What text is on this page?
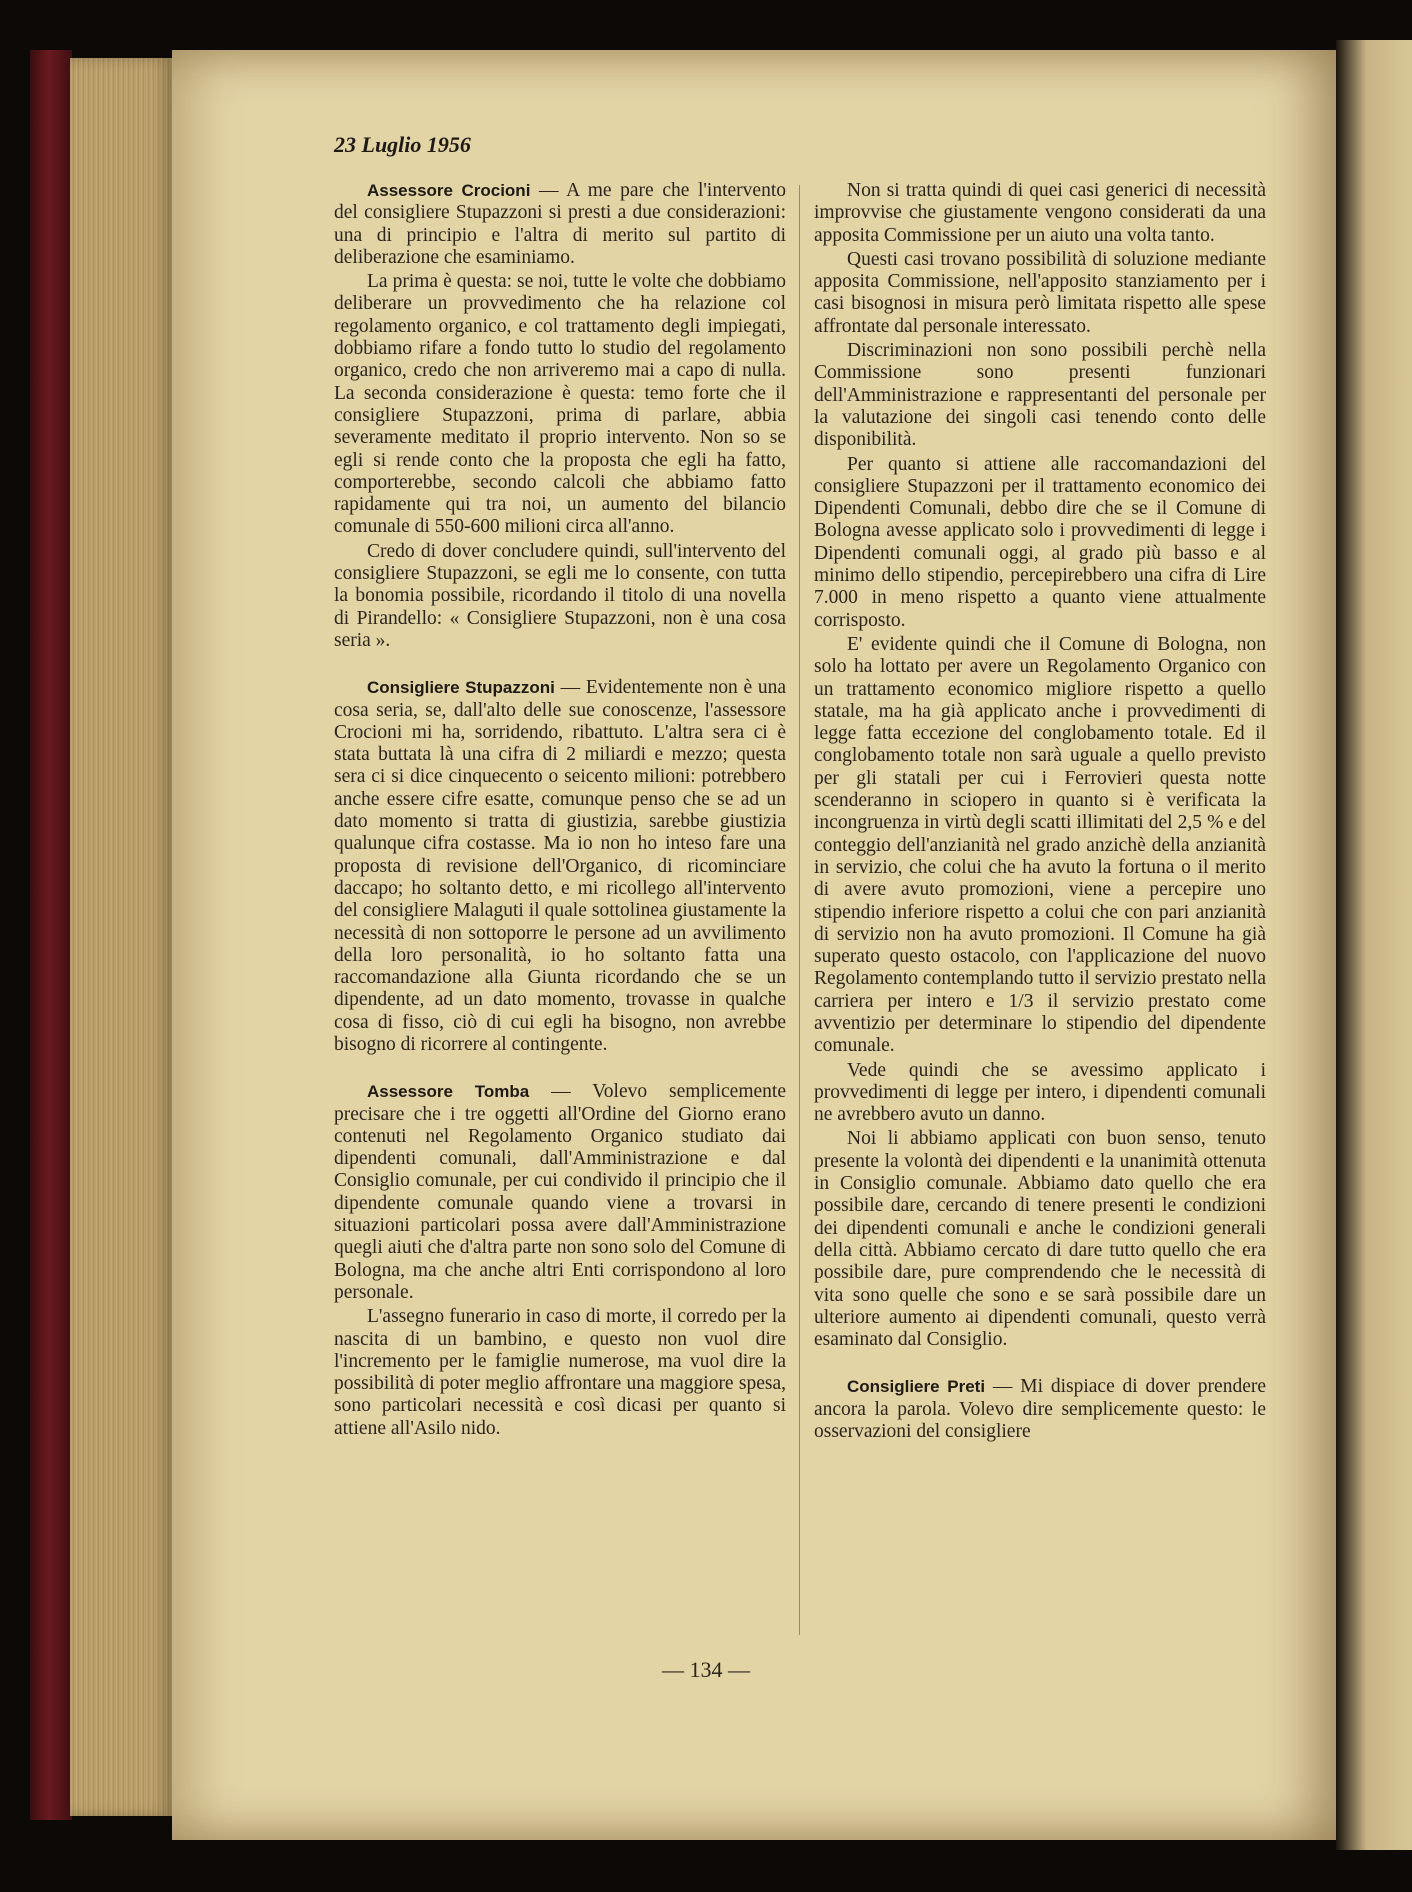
23 Luglio 1956

Assessore Crocioni — A me pare che l'intervento del consigliere Stupazzoni si presti a due considerazioni: una di principio e l'altra di merito sul partito di deliberazione che esaminiamo.

La prima è questa: se noi, tutte le volte che dobbiamo deliberare un provvedimento che ha relazione col regolamento organico, e col trattamento degli impiegati, dobbiamo rifare a fondo tutto lo studio del regolamento organico, credo che non arriveremo mai a capo di nulla. La seconda considerazione è questa: temo forte che il consigliere Stupazzoni, prima di parlare, abbia severamente meditato il proprio intervento. Non so se egli si rende conto che la proposta che egli ha fatto, comporterebbe, secondo calcoli che abbiamo fatto rapidamente qui tra noi, un aumento del bilancio comunale di 550-600 milioni circa all'anno.

Credo di dover concludere quindi, sull'intervento del consigliere Stupazzoni, se egli me lo consente, con tutta la bonomia possibile, ricordando il titolo di una novella di Pirandello: « Consigliere Stupazzoni, non è una cosa seria ».

Consigliere Stupazzoni — Evidentemente non è una cosa seria, se, dall'alto delle sue conoscenze, l'assessore Crocioni mi ha, sorridendo, ribattuto. L'altra sera ci è stata buttata là una cifra di 2 miliardi e mezzo; questa sera ci si dice cinquecento o seicento milioni: potrebbero anche essere cifre esatte, comunque penso che se ad un dato momento si tratta di giustizia, sarebbe giustizia qualunque cifra costasse. Ma io non ho inteso fare una proposta di revisione dell'Organico, di ricominciare daccapo; ho soltanto detto, e mi ricollego all'intervento del consigliere Malaguti il quale sottolinea giustamente la necessità di non sottoporre le persone ad un avvilimento della loro personalità, io ho soltanto fatta una raccomandazione alla Giunta ricordando che se un dipendente, ad un dato momento, trovasse in qualche cosa di fisso, ciò di cui egli ha bisogno, non avrebbe bisogno di ricorrere al contingente.

Assessore Tomba — Volevo semplicemente precisare che i tre oggetti all'Ordine del Giorno erano contenuti nel Regolamento Organico studiato dai dipendenti comunali, dall'Amministrazione e dal Consiglio comunale, per cui condivido il principio che il dipendente comunale quando viene a trovarsi in situazioni particolari possa avere dall'Amministrazione quegli aiuti che d'altra parte non sono solo del Comune di Bologna, ma che anche altri Enti corrispondono al loro personale.

L'assegno funerario in caso di morte, il corredo per la nascita di un bambino, e questo non vuol dire l'incremento per le famiglie numerose, ma vuol dire la possibilità di poter meglio affrontare una maggiore spesa, sono particolari necessità e così dicasi per quanto si attiene all'Asilo nido.

Non si tratta quindi di quei casi generici di necessità improvvise che giustamente vengono considerati da una apposita Commissione per un aiuto una volta tanto.

Questi casi trovano possibilità di soluzione mediante apposita Commissione, nell'apposito stanziamento per i casi bisognosi in misura però limitata rispetto alle spese affrontate dal personale interessato.

Discriminazioni non sono possibili perchè nella Commissione sono presenti funzionari dell'Amministrazione e rappresentanti del personale per la valutazione dei singoli casi tenendo conto delle disponibilità.

Per quanto si attiene alle raccomandazioni del consigliere Stupazzoni per il trattamento economico dei Dipendenti Comunali, debbo dire che se il Comune di Bologna avesse applicato solo i provvedimenti di legge i Dipendenti comunali oggi, al grado più basso e al minimo dello stipendio, percepirebbero una cifra di Lire 7.000 in meno rispetto a quanto viene attualmente corrisposto.

E' evidente quindi che il Comune di Bologna, non solo ha lottato per avere un Regolamento Organico con un trattamento economico migliore rispetto a quello statale, ma ha già applicato anche i provvedimenti di legge fatta eccezione del conglobamento totale. Ed il conglobamento totale non sarà uguale a quello previsto per gli statali per cui i Ferrovieri questa notte scenderanno in sciopero in quanto si è verificata la incongruenza in virtù degli scatti illimitati del 2,5 % e del conteggio dell'anzianità nel grado anzichè della anzianità in servizio, che colui che ha avuto la fortuna o il merito di avere avuto promozioni, viene a percepire uno stipendio inferiore rispetto a colui che con pari anzianità di servizio non ha avuto promozioni. Il Comune ha già superato questo ostacolo, con l'applicazione del nuovo Regolamento contemplando tutto il servizio prestato nella carriera per intero e 1/3 il servizio prestato come avventizio per determinare lo stipendio del dipendente comunale.

Vede quindi che se avessimo applicato i provvedimenti di legge per intero, i dipendenti comunali ne avrebbero avuto un danno.

Noi li abbiamo applicati con buon senso, tenuto presente la volontà dei dipendenti e la unanimità ottenuta in Consiglio comunale. Abbiamo dato quello che era possibile dare, cercando di tenere presenti le condizioni dei dipendenti comunali e anche le condizioni generali della città. Abbiamo cercato di dare tutto quello che era possibile dare, pure comprendendo che le necessità di vita sono quelle che sono e se sarà possibile dare un ulteriore aumento ai dipendenti comunali, questo verrà esaminato dal Consiglio.

Consigliere Preti — Mi dispiace di dover prendere ancora la parola. Volevo dire semplicemente questo: le osservazioni del consigliere

— 134 —
